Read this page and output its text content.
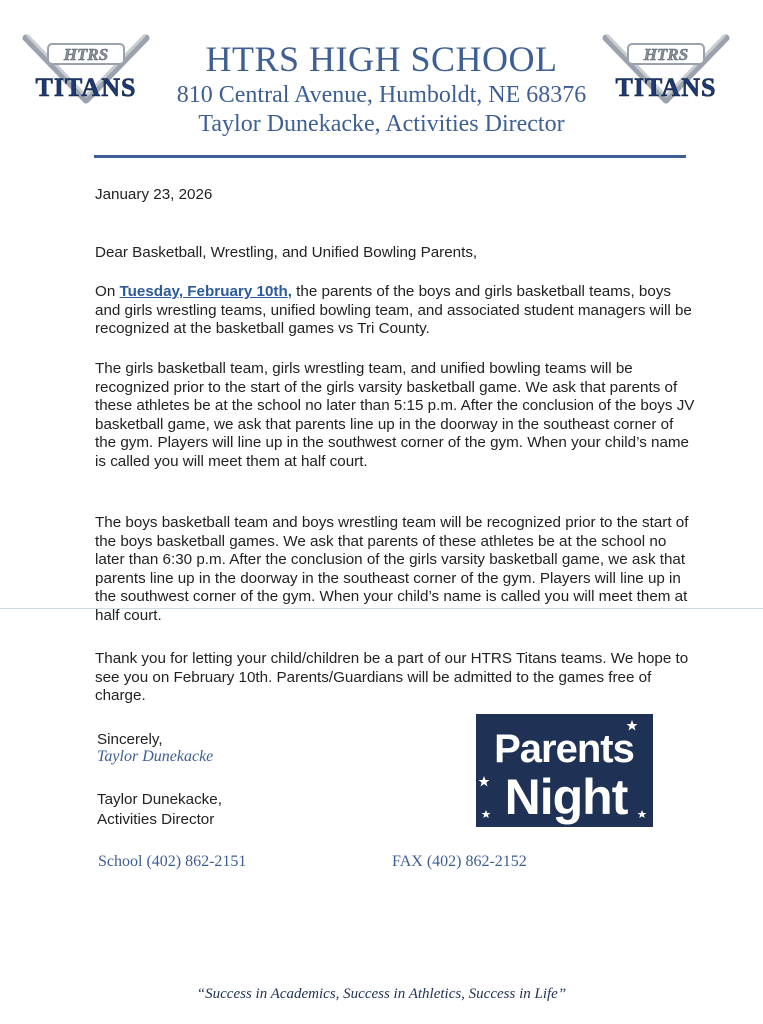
HTRS
TITANS
HTRS
TITANS
HTRS HIGH SCHOOL
810 Central Avenue, Humboldt, NE 68376
Taylor Dunekacke, Activities Director
January 23, 2026
Dear Basketball, Wrestling, and Unified Bowling Parents,

On Tuesday, February 10th, the parents of the boys and girls basketball teams, boys and girls wrestling teams, unified bowling team, and associated student managers will be recognized at the basketball games vs Tri County.

The girls basketball team, girls wrestling team, and unified bowling teams will be recognized prior to the start of the girls varsity basketball game. We ask that parents of these athletes be at the school no later than 5:15 p.m. After the conclusion of the boys JV basketball game, we ask that parents line up in the doorway in the southeast corner of the gym. Players will line up in the southwest corner of the gym. When your child’s name is called you will meet them at half court.

The boys basketball team and boys wrestling team will be recognized prior to the start of the boys basketball games. We ask that parents of these athletes be at the school no later than 6:30 p.m. After the conclusion of the girls varsity basketball game, we ask that parents line up in the doorway in the southeast corner of the gym. Players will line up in the southwest corner of the gym. When your child’s name is called you will meet them at half court.

Thank you for letting your child/children be a part of our HTRS Titans teams. We hope to see you on February 10th. Parents/Guardians will be admitted to the games free of charge.

Sincerely,
Taylor Dunekacke
Taylor Dunekacke,
Activities Director
Parents
Night
School (402) 862-2151	FAX (402) 862-2152
“Success in Academics, Success in Athletics, Success in Life”
